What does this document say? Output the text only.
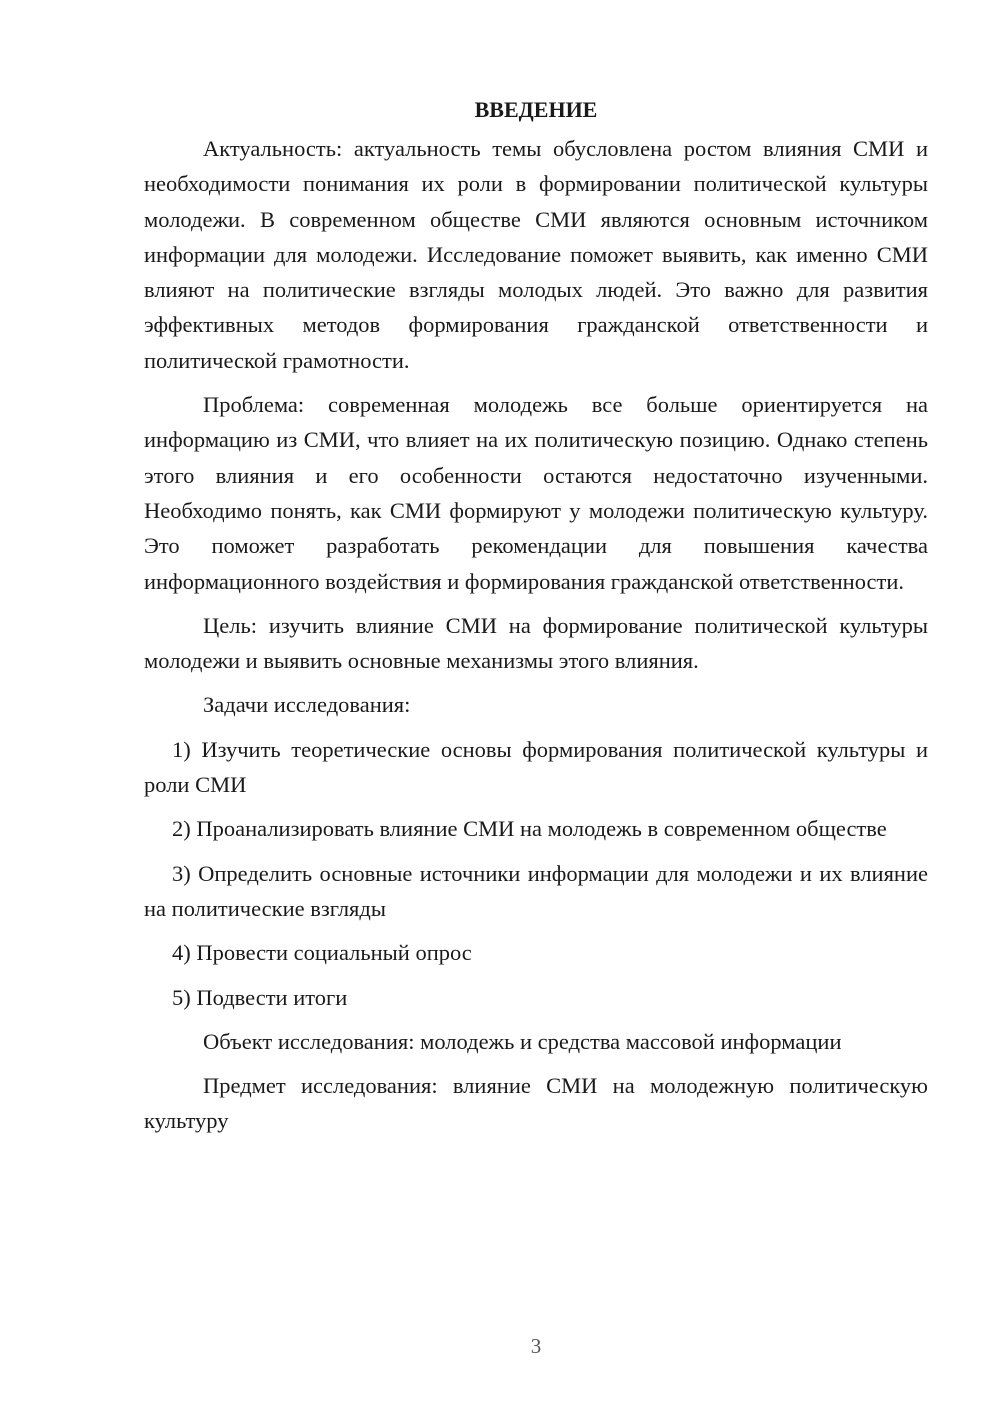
ВВЕДЕНИЕ

Актуальность: актуальность темы обусловлена ростом влияния СМИ и необходимости понимания их роли в формировании политической культуры молодежи. В современном обществе СМИ являются основным источником информации для молодежи. Исследование поможет выявить, как именно СМИ влияют на политические взгляды молодых людей. Это важно для развития эффективных методов формирования гражданской ответственности и политической грамотности.

Проблема: современная молодежь все больше ориентируется на информацию из СМИ, что влияет на их политическую позицию. Однако степень этого влияния и его особенности остаются недостаточно изученными. Необходимо понять, как СМИ формируют у молодежи политическую культуру. Это поможет разработать рекомендации для повышения качества информационного воздействия и формирования гражданской ответственности.

Цель: изучить влияние СМИ на формирование политической культуры молодежи и выявить основные механизмы этого влияния.

Задачи исследования:

1) Изучить теоретические основы формирования политической культуры и роли СМИ

2) Проанализировать влияние СМИ на молодежь в современном обществе

3) Определить основные источники информации для молодежи и их влияние на политические взгляды

4) Провести социальный опрос

5) Подвести итоги

Объект исследования: молодежь и средства массовой информации

Предмет исследования: влияние СМИ на молодежную политическую культуру

3
